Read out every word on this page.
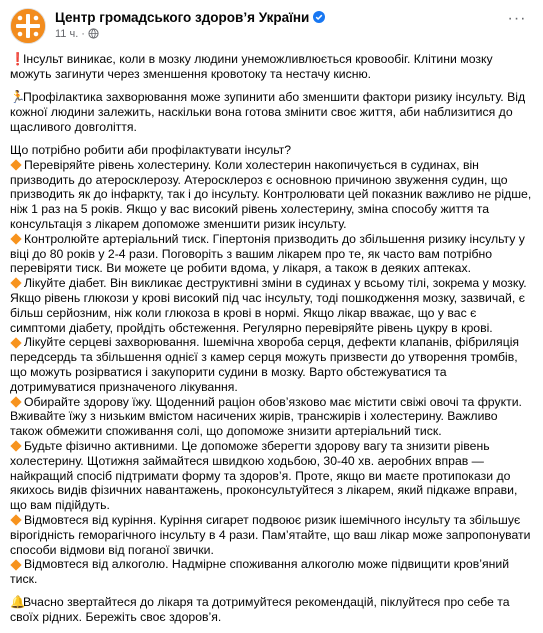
Центр громадського здоров’я України
11 ч. ·
···

❗Інсульт виникає, коли в мозку людини унеможливлюється кровообіг. Клітини мозку можуть загинути через зменшення кровотоку та нестачу кисню.

🏃Профілактика захворювання може зупинити або зменшити фактори ризику інсульту. Від кожної людини залежить, наскільки вона готова змінити своє життя, аби наблизитися до щасливого довголіття.

Що потрібно робити аби профілактувати інсульт?

Перевіряйте рівень холестерину. Коли холестерин накопичується в судинах, він призводить до атеросклерозу. Атеросклероз є основною причиною звуження судин, що призводить як до інфаркту, так і до інсульту. Контролювати цей показник важливо не рідше, ніж 1 раз на 5 років. Якщо у вас високий рівень холестерину, зміна способу життя та консультація з лікарем допоможе зменшити ризик інсульту.

Контролюйте артеріальний тиск. Гіпертонія призводить до збільшення ризику інсульту у віці до 80 років у 2-4 рази. Поговоріть з вашим лікарем про те, як часто вам потрібно перевіряти тиск. Ви можете це робити вдома, у лікаря, а також в деяких аптеках.

Лікуйте діабет. Він викликає деструктивні зміни в судинах у всьому тілі, зокрема у мозку. Якщо рівень глюкози у крові високий під час інсульту, тоді пошкодження мозку, зазвичай, є більш серйозним, ніж коли глюкоза в крові в нормі. Якщо лікар вважає, що у вас є симптоми діабету, пройдіть обстеження. Регулярно перевіряйте рівень цукру в крові.

Лікуйте серцеві захворювання. Ішемічна хвороба серця, дефекти клапанів, фібриляція передсердь та збільшення однієї з камер серця можуть призвести до утворення тромбів, що можуть розірватися і закупорити судини в мозку. Варто обстежуватися та дотримуватися призначеного лікування.

Обирайте здорову їжу. Щоденний раціон обов’язково має містити свіжі овочі та фрукти. Вживайте їжу з низьким вмістом насичених жирів, трансжирів і холестерину. Важливо також обмежити споживання солі, що допоможе знизити артеріальний тиск.

Будьте фізично активними. Це допоможе зберегти здорову вагу та знизити рівень холестерину. Щотижня займайтеся швидкою ходьбою, 30-40 хв. аеробних вправ — найкращий спосіб підтримати форму та здоров’я. Проте, якщо ви маєте протипокази до якихось видів фізичних навантажень, проконсультуйтеся з лікарем, який підкаже вправи, що вам підійдуть.

Відмовтеся від куріння. Куріння сигарет подвоює ризик ішемічного інсульту та збільшує вірогідність геморагічного інсульту в 4 рази. Пам’ятайте, що ваш лікар може запропонувати способи відмови від поганої звички.

Відмовтеся від алкоголю. Надмірне споживання алкоголю може підвищити кров’яний тиск.

🔔Вчасно звертайтеся до лікаря та дотримуйтеся рекомендацій, піклуйтеся про себе та своїх рідних. Бережіть своє здоров’я.
